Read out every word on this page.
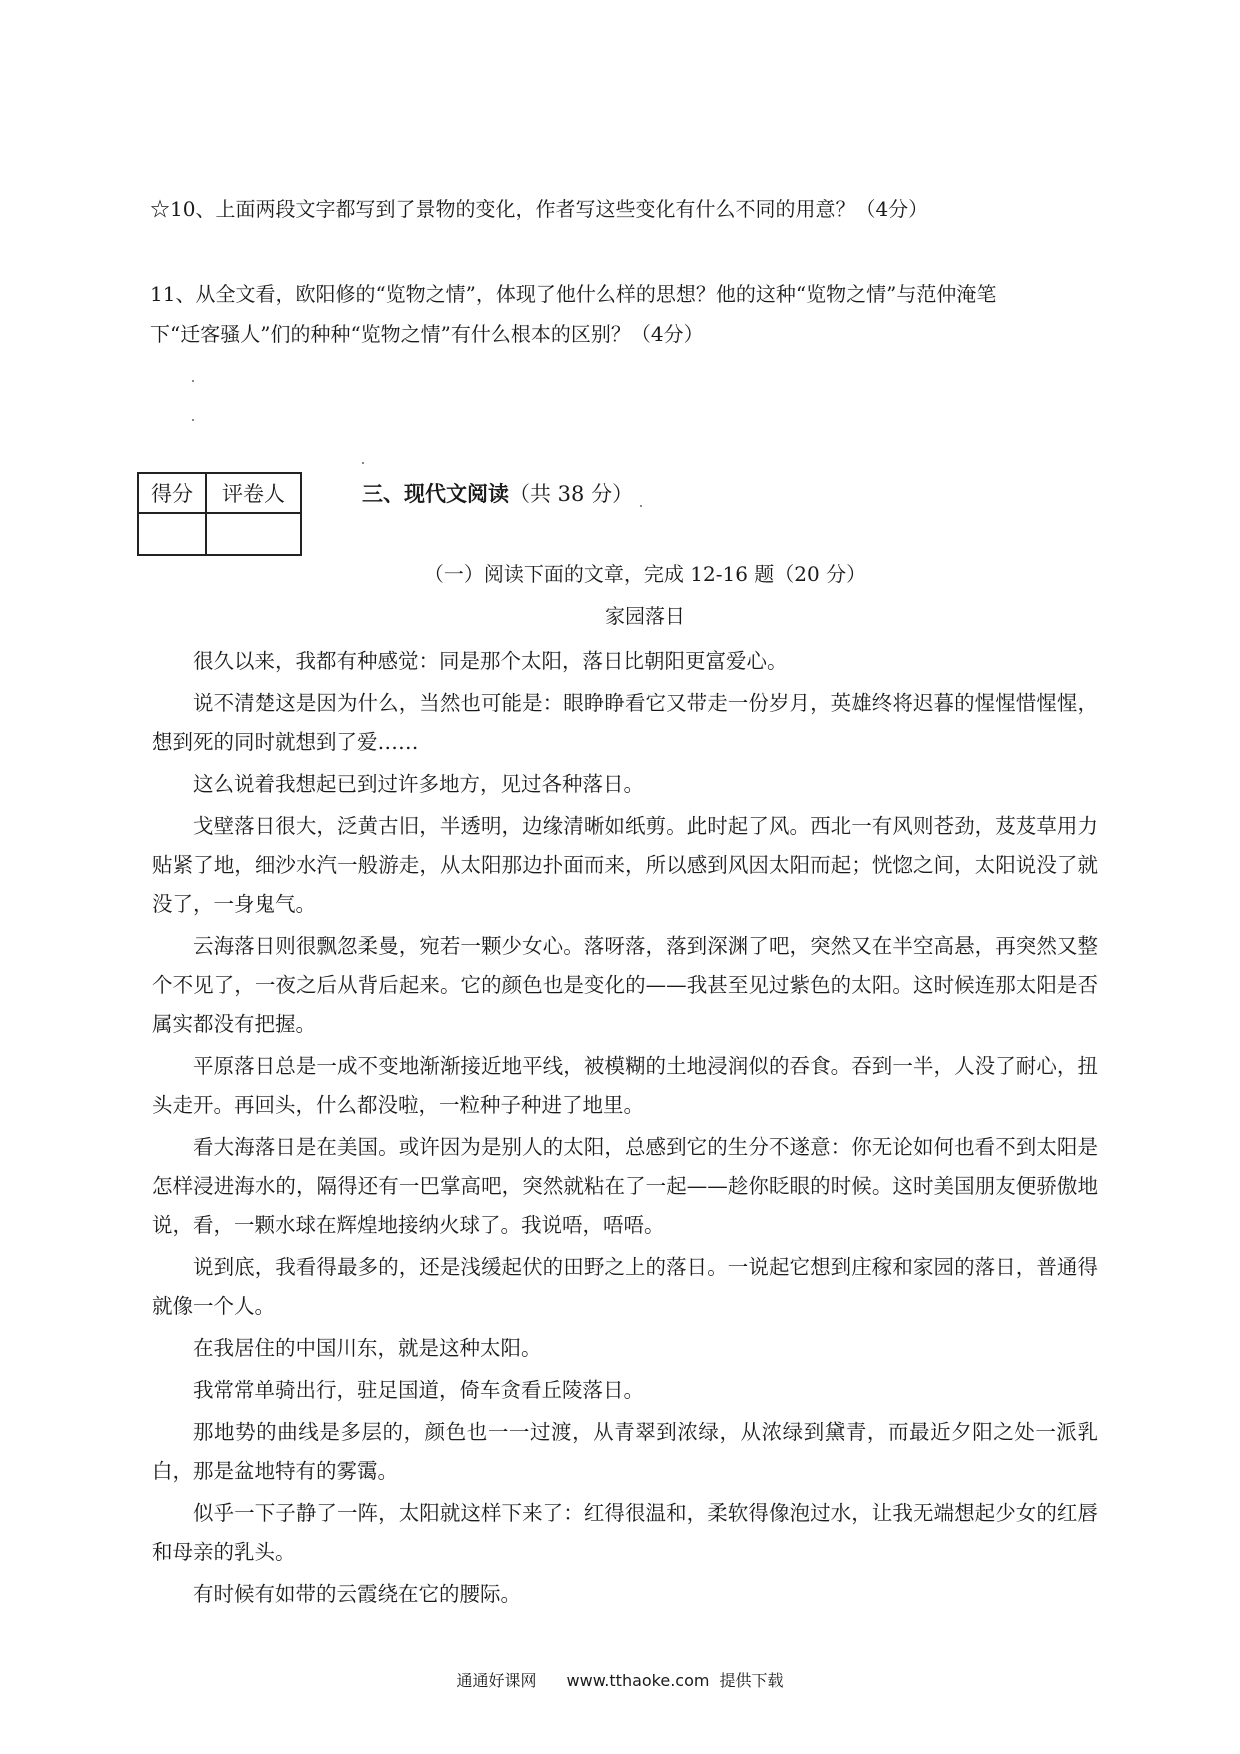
☆10、上面两段文字都写到了景物的变化，作者写这些变化有什么不同的用意？（4分）
11、从全文看，欧阳修的“览物之情”，体现了他什么样的思想？他的这种“览物之情”与范仲淹笔
下“迁客骚人”们的种种“览物之情”有什么根本的区别？（4分）
得分	评卷人
		三、现代文阅读（共 38 分）
（一）阅读下面的文章，完成 12-16 题（20 分）
家园落日

很久以来，我都有种感觉：同是那个太阳，落日比朝阳更富爱心。

说不清楚这是因为什么，当然也可能是：眼睁睁看它又带走一份岁月，英雄终将迟暮的惺惺惜惺惺，想到死的同时就想到了爱……

这么说着我想起已到过许多地方，见过各种落日。

戈壁落日很大，泛黄古旧，半透明，边缘清晰如纸剪。此时起了风。西北一有风则苍劲，芨芨草用力贴紧了地，细沙水汽一般游走，从太阳那边扑面而来，所以感到风因太阳而起；恍惚之间，太阳说没了就没了，一身鬼气。

云海落日则很飘忽柔曼，宛若一颗少女心。落呀落，落到深渊了吧，突然又在半空高悬，再突然又整个不见了，一夜之后从背后起来。它的颜色也是变化的——我甚至见过紫色的太阳。这时候连那太阳是否属实都没有把握。

平原落日总是一成不变地渐渐接近地平线，被模糊的土地浸润似的吞食。吞到一半，人没了耐心，扭头走开。再回头，什么都没啦，一粒种子种进了地里。

看大海落日是在美国。或许因为是别人的太阳，总感到它的生分不遂意：你无论如何也看不到太阳是怎样浸进海水的，隔得还有一巴掌高吧，突然就粘在了一起——趁你眨眼的时候。这时美国朋友便骄傲地说，看，一颗水球在辉煌地接纳火球了。我说唔，唔唔。

说到底，我看得最多的，还是浅缓起伏的田野之上的落日。一说起它想到庄稼和家园的落日，普通得就像一个人。

在我居住的中国川东，就是这种太阳。

我常常单骑出行，驻足国道，倚车贪看丘陵落日。

那地势的曲线是多层的，颜色也一一过渡，从青翠到浓绿，从浓绿到黛青，而最近夕阳之处一派乳白，那是盆地特有的雾霭。

似乎一下子静了一阵，太阳就这样下来了：红得很温和，柔软得像泡过水，让我无端想起少女的红唇和母亲的乳头。

有时候有如带的云霞绕在它的腰际。

通通好课网 www.tthaoke.com 提供下载
